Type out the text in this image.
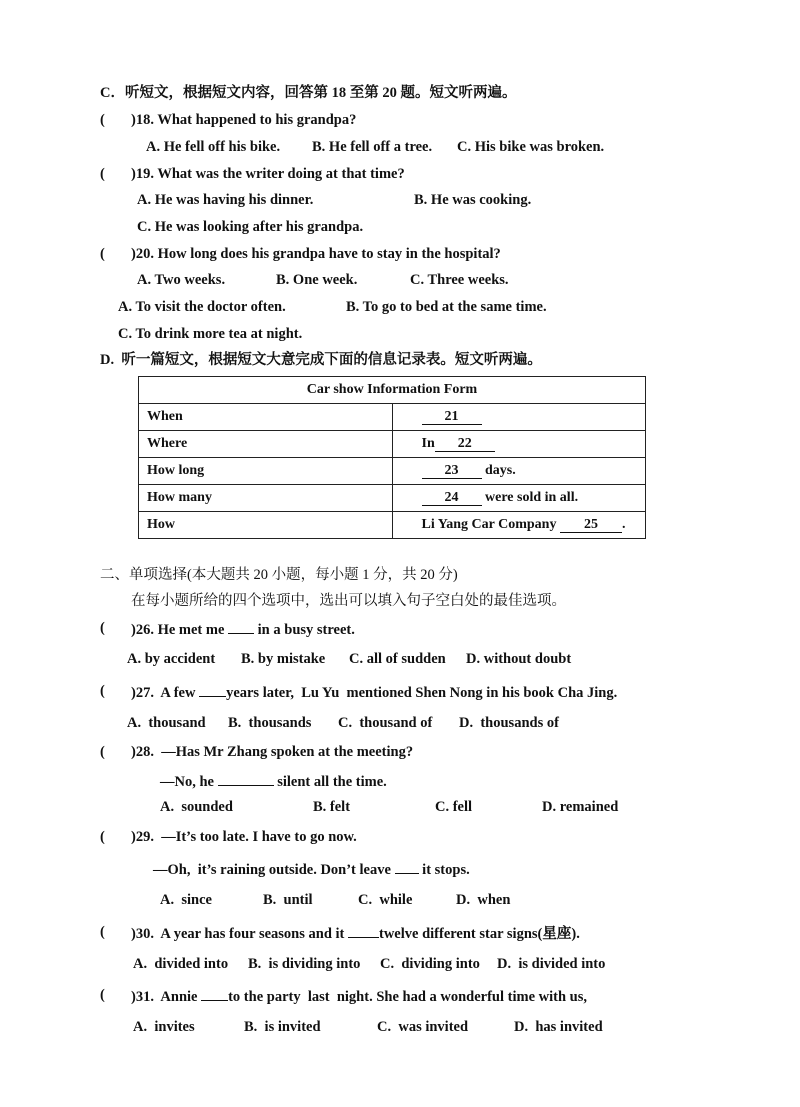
C．听短文，根据短文内容，回答第 18 至第 20 题。短文听两遍。
( )18. What happened to his grandpa?
A. He fell off his bike. B. He fell off a tree. C. His bike was broken.
( )19. What was the writer doing at that time?
A. He was having his dinner.	B. He was cooking.
C. He was looking after his grandpa.
( )20. How long does his grandpa have to stay in the hospital?
A. Two weeks.	B. One week.	C. Three weeks.
A. To visit the doctor often.	B. To go to bed at the same time.
C. To drink more tea at night.
D.  听一篇短文，根据短文大意完成下面的信息记录表。短文听两遍。
Car show Information Form	
When	21
Where	In 22
How long	23 days.
How many	24 were sold in all.
How	Li Yang Car Company 25 .
二、单项选择(本大题共 20 小题，每小题 1 分，共 20 分)
在每小题所给的四个选项中，选出可以填入句子空白处的最佳选项。
( )26. He met me  in a busy street.
A. by accident B. by mistake C. all of sudden D. without doubt
( )27.  A few years later,  Lu Yu  mentioned Shen Nong in his book Cha Jing.
A.  thousand B.  thousands C.  thousand of D.  thousands of
( )28.  —Has Mr Zhang spoken at the meeting?
—No, he	silent all the time.
A.  sounded	B. felt	C. fell	D. remained
( )29.  —It’s too late. I have to go now.
—Oh,  it’s raining outside. Don’t leave  it stops.
A.  since	B.  until	C.  while	D.  when
( )30.  A year has four seasons and it twelve different star signs(星座).
A.  divided into B.  is dividing into C.  dividing into D.  is divided into
( )31.  Annie to the party  last  night. She had a wonderful time with us,
A.  invites	B.  is invited	C.  was invited	D.  has invited
